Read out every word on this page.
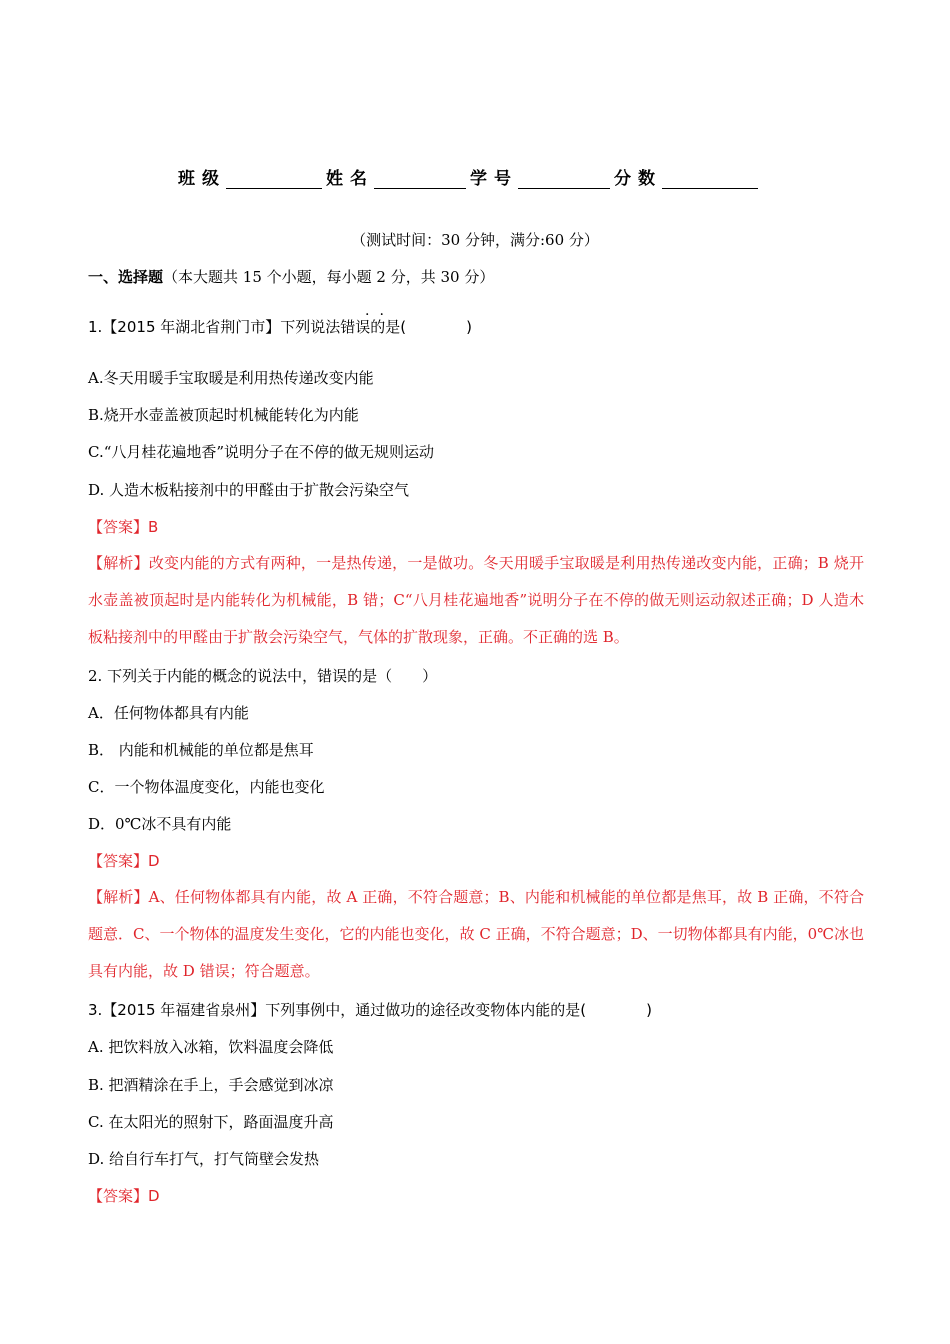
班级	姓名	学号	分数
（测试时间：30 分钟，满分:60 分）
一、选择题（本大题共 15 个小题，每小题 2 分，共 30 分）
..
1.【2015 年湖北省荆门市】下列说法错误的是(　　　　)
A.冬天用暖手宝取暖是利用热传递改变内能
B.烧开水壶盖被顶起时机械能转化为内能
C.“八月桂花遍地香”说明分子在不停的做无规则运动
D. 人造木板粘接剂中的甲醛由于扩散会污染空气
【答案】B
【解析】改变内能的方式有两种，一是热传递，一是做功。冬天用暖手宝取暖是利用热传递改变内能，正确；B 烧开水壶盖被顶起时是内能转化为机械能，B 错；C“八月桂花遍地香”说明分子在不停的做无则运动叙述正确；D 人造木板粘接剂中的甲醛由于扩散会污染空气，气体的扩散现象，正确。不正确的选 B。
2. 下列关于内能的概念的说法中，错误的是（　　）
A．任何物体都具有内能
B． 内能和机械能的单位都是焦耳
C．一个物体温度变化，内能也变化
D．0℃冰不具有内能
【答案】D
【解析】A、任何物体都具有内能，故 A 正确，不符合题意；B、内能和机械能的单位都是焦耳，故 B 正确，不符合题意．C、一个物体的温度发生变化，它的内能也变化，故 C 正确，不符合题意；D、一切物体都具有内能，0℃冰也具有内能，故 D 错误；符合题意。
3.【2015 年福建省泉州】下列事例中，通过做功的途径改变物体内能的是(　　　　)
A. 把饮料放入冰箱，饮料温度会降低
B. 把酒精涂在手上，手会感觉到冰凉
C. 在太阳光的照射下，路面温度升高
D. 给自行车打气，打气筒壁会发热
【答案】D
